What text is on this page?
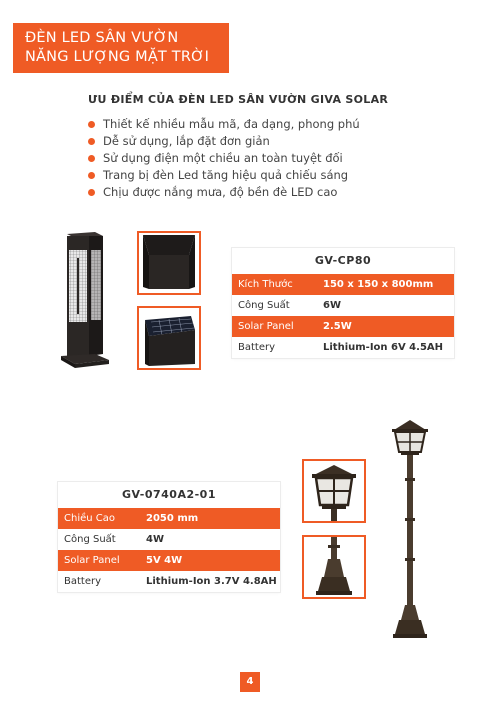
ĐÈN LED SÂN VƯỜN
NĂNG LƯỢNG MẶT TRỜI
ƯU ĐIỂM CỦA ĐÈN LED SÂN VƯỜN GIVA SOLAR
Thiết kế nhiều mẫu mã, đa dạng, phong phú
Dễ sử dụng, lắp đặt đơn giản
Sử dụng điện một chiều an toàn tuyệt đối
Trang bị đèn Led tăng hiệu quả chiếu sáng
Chịu được nắng mưa, độ bền đè LED cao
GV-CP80
Kích Thước	150 x 150 x 800mm
Công Suất	6W
Solar Panel	2.5W
Battery	Lithium-Ion 6V 4.5AH
GV-0740A2-01
Chiều Cao	2050 mm
Công Suất	4W
Solar Panel	5V 4W
Battery	Lithium-Ion 3.7V 4.8AH
4
